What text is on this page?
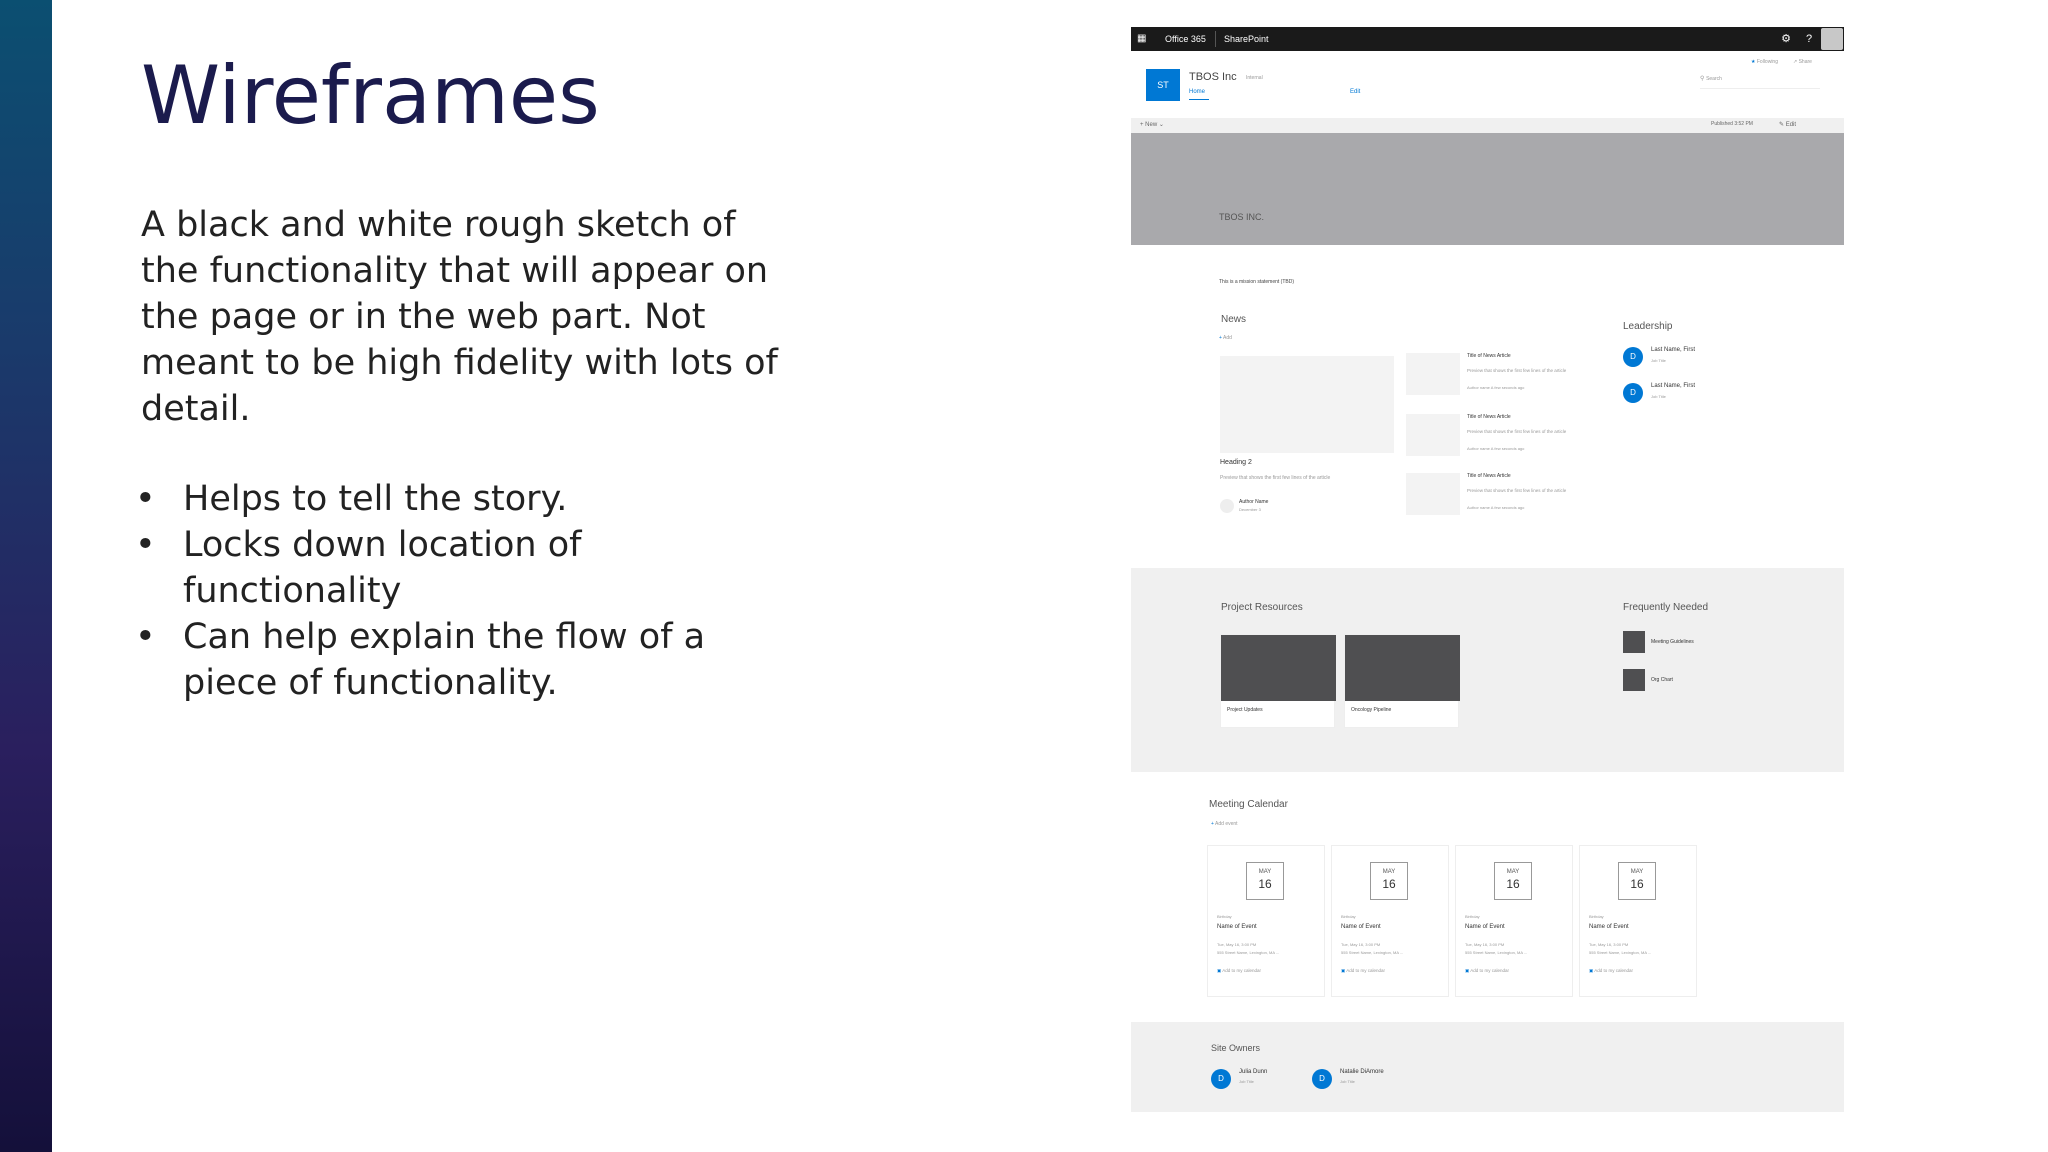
Wireframes
A black and white rough sketch of the functionality that will appear on the page or in the web part. Not meant to be high fidelity with lots of detail.
• Helps to tell the story.
• Locks down location of functionality
• Can help explain the flow of a piece of functionality.
▦ Office 365 SharePoint	⚙	?
ST
TBOS Inc Internal
Home	Edit
★ Following	↗ Share
⚲ Search
+ New ⌄	Published 3:52 PM	✎ Edit
TBOS INC.
This is a mission statement (TBD)
News
+ Add
Heading 2
Preview that shows the first few lines of the article
Author Name
December 3
Title of News Article
Preview that shows the first few lines of the article
Author name A few seconds ago
Title of News Article
Preview that shows the first few lines of the article
Author name A few seconds ago
Title of News Article
Preview that shows the first few lines of the article
Author name A few seconds ago
Leadership
D
Last Name, First
Job Title
D
Last Name, First
Job Title
Project Resources
Project Updates	Oncology Pipeline
Frequently Needed
Meeting Guidelines
Org Chart
Meeting Calendar
+ Add event
MAY
16
Birthday
Name of Event
Tue, May 16, 3:00 PM
555 Street Name, Lexington, MA ...
▣ Add to my calendar
MAY
16
Birthday
Name of Event
Tue, May 16, 3:00 PM
555 Street Name, Lexington, MA ...
▣ Add to my calendar
MAY
16
Birthday
Name of Event
Tue, May 16, 3:00 PM
555 Street Name, Lexington, MA ...
▣ Add to my calendar
MAY
16
Birthday
Name of Event
Tue, May 16, 3:00 PM
555 Street Name, Lexington, MA ...
▣ Add to my calendar
Site Owners
D
Julia Dunn
Job Title	D
Natalie DiAmore
Job Title
